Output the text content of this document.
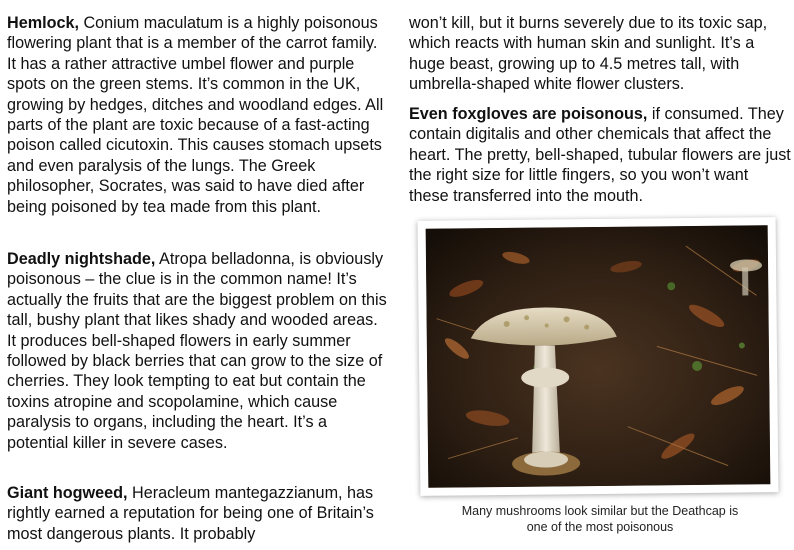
Hemlock, Conium maculatum is a highly poisonous flowering plant that is a member of the carrot family. It has a rather attractive umbel flower and purple spots on the green stems. It’s common in the UK, growing by hedges, ditches and woodland edges. All parts of the plant are toxic because of a fast-acting poison called cicutoxin. This causes stomach upsets and even paralysis of the lungs. The Greek philosopher, Socrates, was said to have died after being poisoned by tea made from this plant.

Deadly nightshade, Atropa belladonna, is obviously poisonous – the clue is in the common name! It’s actually the fruits that are the biggest problem on this tall, bushy plant that likes shady and wooded areas. It produces bell-shaped flowers in early summer followed by black berries that can grow to the size of cherries. They look tempting to eat but contain the toxins atropine and scopolamine, which cause paralysis to organs, including the heart. It’s a potential killer in severe cases.

Giant hogweed, Heracleum mantegazzianum, has rightly earned a reputation for being one of Britain’s most dangerous plants. It probably

won’t kill, but it burns severely due to its toxic sap, which reacts with human skin and sunlight. It’s a huge beast, growing up to 4.5 metres tall, with umbrella-shaped white flower clusters.

Even foxgloves are poisonous, if consumed. They contain digitalis and other chemicals that affect the heart. The pretty, bell-shaped, tubular flowers are just the right size for little fingers, so you won’t want these transferred into the mouth.

Many mushrooms look similar but the Deathcap is
one of the most poisonous
